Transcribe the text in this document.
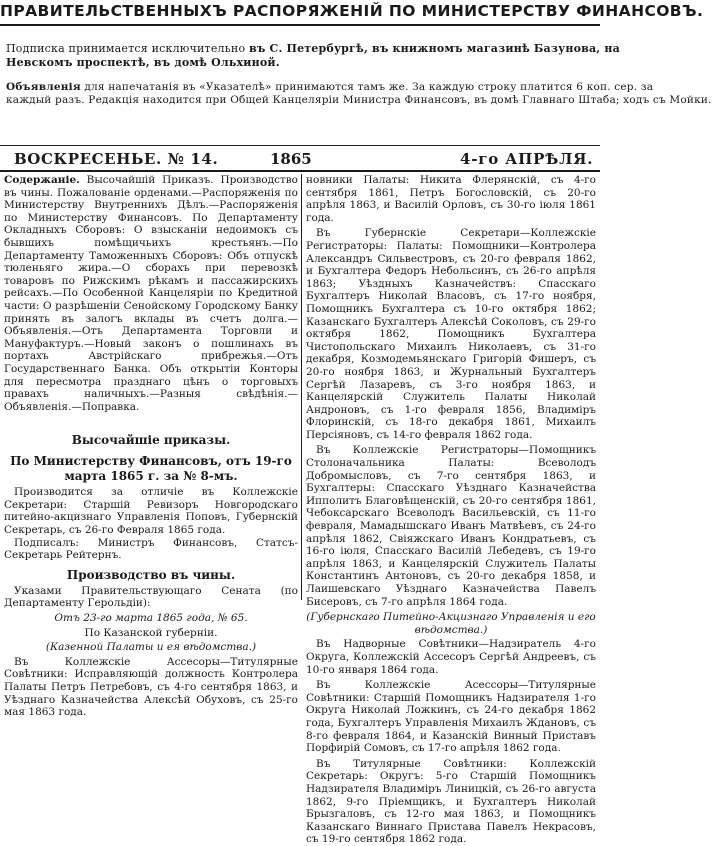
ПРАВИТЕЛЬСТВЕННЫХЪ РАСПОРЯЖЕНІЙ ПО МИНИСТЕРСТВУ ФИНАНСОВЪ.
Подписка принимается исключительно въ С. Петербургѣ, въ книжномъ магазинѣ Базунова, на
Невскомъ проспектѣ, въ домѣ Ольхиной.
Объявленія для напечатанія въ «Указателѣ» принимаются тамъ же. За каждую строку платится 6 коп. сер. за
каждый разъ. Редакція находится при Общей Канцеляріи Министра Финансовъ, въ домѣ Главнаго Штаба; ходъ съ Мойки.
ВОСКРЕСЕНЬЕ. № 14.	1865	4-го АПРѢЛЯ.
Содержаніе. Высочайшій Приказъ. Производство въ чины. Пожалованіе орденами.—Распоряженія по Министерству Внутреннихъ Дѣлъ.—Распоряженія по Министерству Финансовъ. По Департаменту Окладныхъ Сборовъ: О взысканіи недоимокъ съ бывшихъ помѣщичьихъ крестьянъ.—По Департаменту Таможенныхъ Сборовъ: Объ отпускѣ тюленьяго жира.—О сборахъ при перевозкѣ товаровъ по Рижскимъ рѣкамъ и пассажирскихъ рейсахъ.—По Особенной Канцеляріи по Кредитной части: О разрѣшеніи Сенойскому Городскому Банку принять въ залогъ вклады въ счетъ долга.—Объявленія.—Отъ Департамента Торговли и Мануфактуръ.—Новый законъ о пошлинахъ въ портахъ Австрійскаго прибрежья.—Отъ Государственнаго Банка. Объ открытіи Конторы для пересмотра празднаго цѣнъ о торговыхъ правахъ наличныхъ.—Разныя свѣдѣнія.—Объявленія.—Поправка.
Высочайшіе приказы.
По Министерству Финансовъ, отъ 19-го марта 1865 г. за № 8-мъ.

Производится за отличіе въ Коллежскіе Секретари: Старшій Ревизоръ Новгородскаго питейно-акцизнаго Управленія Поповъ, Губернскій Секретарь, съ 26-го Февраля 1865 года.

Подписалъ: Министръ Финансовъ, Статсъ-Секретарь Рейтернъ.

Производство въ чины.

Указами Правительствующаго Сената (по Департаменту Герольдіи):

Отъ 23-го марта 1865 года, № 65.
По Казанской губерніи.
(Казенной Палаты и ея вѣдомства.)

Въ Коллежскіе Ассесоры—Титулярные Совѣтники: Исправляющій должность Контролера Палаты Петръ Петребовъ, съ 4-го сентября 1863, и Уѣзднаго Казначейства Алексѣй Обуховъ, съ 25-го мая 1863 года.

новники Палаты: Никита Флерянскій, съ 4-го сентября 1861, Петръ Богословскій, съ 20-го апрѣля 1863, и Василій Орловъ, съ 30-го іюля 1861 года.

Въ Губернскіе Секретари—Коллежскіе Регистраторы: Палаты: Помощники—Контролера Александръ Сильвестровъ, съ 20-го февраля 1862, и Бухгалтера Федоръ Небольсинъ, съ 26-го апрѣля 1863; Уѣздныхъ Казначействъ: Спасскаго Бухгалтеръ Николай Власовъ, съ 17-го ноября, Помощникъ Бухгалтера съ 10-го октября 1862; Казанскаго Бухгалтеръ Алексѣй Соколовъ, съ 29-го октября 1862, Помощникъ Бухгалтера Чистопольскаго Михаилъ Николаевъ, съ 31-го декабря, Козмодемьянскаго Григорій Фишеръ, съ 20-го ноября 1863, и Журнальный Бухгалтеръ Сергѣй Лазаревъ, съ 3-го ноября 1863, и Канцелярскій Служитель Палаты Николай Андроновъ, съ 1-го февраля 1856, Владиміръ Флоринскій, съ 18-го декабря 1861, Михаилъ Персіяновъ, съ 14-го февраля 1862 года.

Въ Коллежскіе Регистраторы—Помощникъ Столоначальника Палаты: Всеволодъ Добромысловъ, съ 7-го сентября 1863, и Бухгалтеры: Спасскаго Уѣзднаго Казначейства Ипполитъ Благовѣщенскій, съ 20-го сентября 1861, Чебоксарскаго Всеволодъ Васильевскій, съ 11-го февраля, Мамадышскаго Иванъ Матвѣевъ, съ 24-го апрѣля 1862, Свіяжскаго Иванъ Кондратьевъ, съ 16-го іюля, Спасскаго Василій Лебедевъ, съ 19-го апрѣля 1863, и Канцелярскій Служитель Палаты Константинъ Антоновъ, съ 20-го декабря 1858, и Лаишевскаго Уѣзднаго Казначейства Павелъ Бисеровъ, съ 7-го апрѣля 1864 года.

(Губернскаго Питейно-Акцизнаго Управленія и его вѣдомства.)

Въ Надворные Совѣтники—Надзиратель 4-го Округа, Коллежскій Ассесоръ Сергѣй Андреевъ, съ 10-го января 1864 года.

Въ Коллежскіе Асессоры—Титулярные Совѣтники: Старшій Помощникъ Надзирателя 1-го Округа Николай Ложкинъ, съ 24-го декабря 1862 года, Бухгалтеръ Управленія Михаилъ Ждановъ, съ 8-го февраля 1864, и Казанскій Винный Приставъ Порфирій Сомовъ, съ 17-го апрѣля 1862 года.

Въ Титулярные Совѣтники: Коллежскій Секретарь: Округъ: 5-го Старшій Помощникъ Надзирателя Владиміръ Линицкій, съ 26-го августа 1862, 9-го Пріемщикъ, и Бухгалтеръ Николай Брызгаловъ, съ 12-го мая 1863, и Помощникъ Казанскаго Виннаго Пристава Павелъ Некрасовъ, съ 19-го сентября 1862 года.
